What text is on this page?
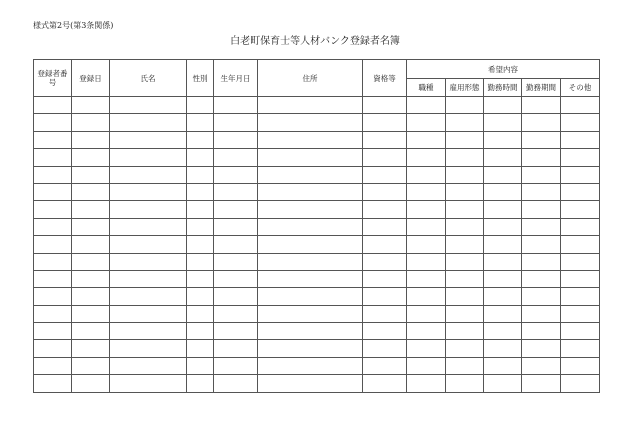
様式第2号(第3条関係)
白老町保育士等人材バンク登録者名簿
登録者番号	登録日	氏名	性別	生年月日	住所	資格等	希望内容				
							職種	雇用形態	勤務時間	勤務期間	その他
